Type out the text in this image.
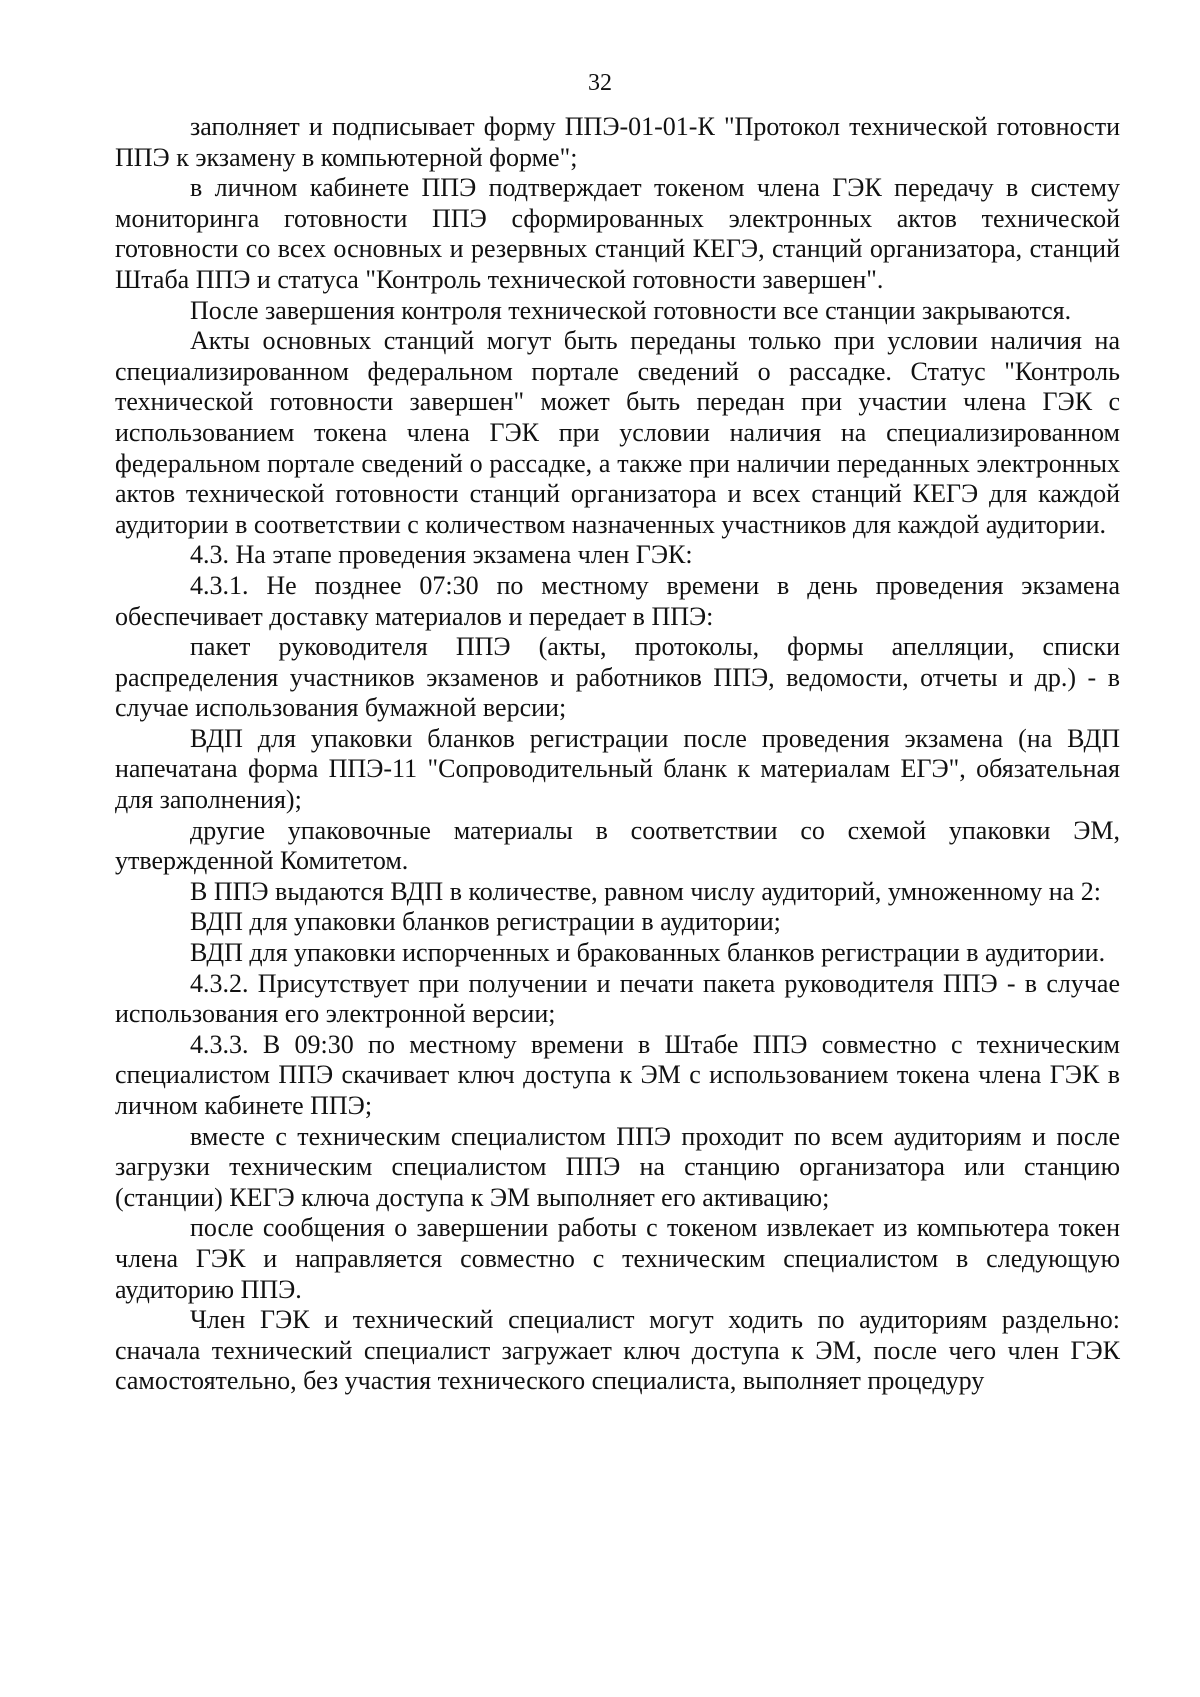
32

заполняет и подписывает форму ППЭ-01-01-К "Протокол технической готовности ППЭ к экзамену в компьютерной форме";

в личном кабинете ППЭ подтверждает токеном члена ГЭК передачу в систему мониторинга готовности ППЭ сформированных электронных актов технической готовности со всех основных и резервных станций КЕГЭ, станций организатора, станций Штаба ППЭ и статуса "Контроль технической готовности завершен".

После завершения контроля технической готовности все станции закрываются.

Акты основных станций могут быть переданы только при условии наличия на специализированном федеральном портале сведений о рассадке. Статус "Контроль технической готовности завершен" может быть передан при участии члена ГЭК с использованием токена члена ГЭК при условии наличия на специализированном федеральном портале сведений о рассадке, а также при наличии переданных электронных актов технической готовности станций организатора и всех станций КЕГЭ для каждой аудитории в соответствии с количеством назначенных участников для каждой аудитории.

4.3. На этапе проведения экзамена член ГЭК:

4.3.1. Не позднее 07:30 по местному времени в день проведения экзамена обеспечивает доставку материалов и передает в ППЭ:

пакет руководителя ППЭ (акты, протоколы, формы апелляции, списки распределения участников экзаменов и работников ППЭ, ведомости, отчеты и др.) - в случае использования бумажной версии;

ВДП для упаковки бланков регистрации после проведения экзамена (на ВДП напечатана форма ППЭ-11 "Сопроводительный бланк к материалам ЕГЭ", обязательная для заполнения);

другие упаковочные материалы в соответствии со схемой упаковки ЭМ, утвержденной Комитетом.

В ППЭ выдаются ВДП в количестве, равном числу аудиторий, умноженному на 2:

ВДП для упаковки бланков регистрации в аудитории;

ВДП для упаковки испорченных и бракованных бланков регистрации в аудитории.

4.3.2. Присутствует при получении и печати пакета руководителя ППЭ - в случае использования его электронной версии;

4.3.3. В 09:30 по местному времени в Штабе ППЭ совместно с техническим специалистом ППЭ скачивает ключ доступа к ЭМ с использованием токена члена ГЭК в личном кабинете ППЭ;

вместе с техническим специалистом ППЭ проходит по всем аудиториям и после загрузки техническим специалистом ППЭ на станцию организатора или станцию (станции) КЕГЭ ключа доступа к ЭМ выполняет его активацию;

после сообщения о завершении работы с токеном извлекает из компьютера токен члена ГЭК и направляется совместно с техническим специалистом в следующую аудиторию ППЭ.

Член ГЭК и технический специалист могут ходить по аудиториям раздельно: сначала технический специалист загружает ключ доступа к ЭМ, после чего член ГЭК самостоятельно, без участия технического специалиста, выполняет процедуру
